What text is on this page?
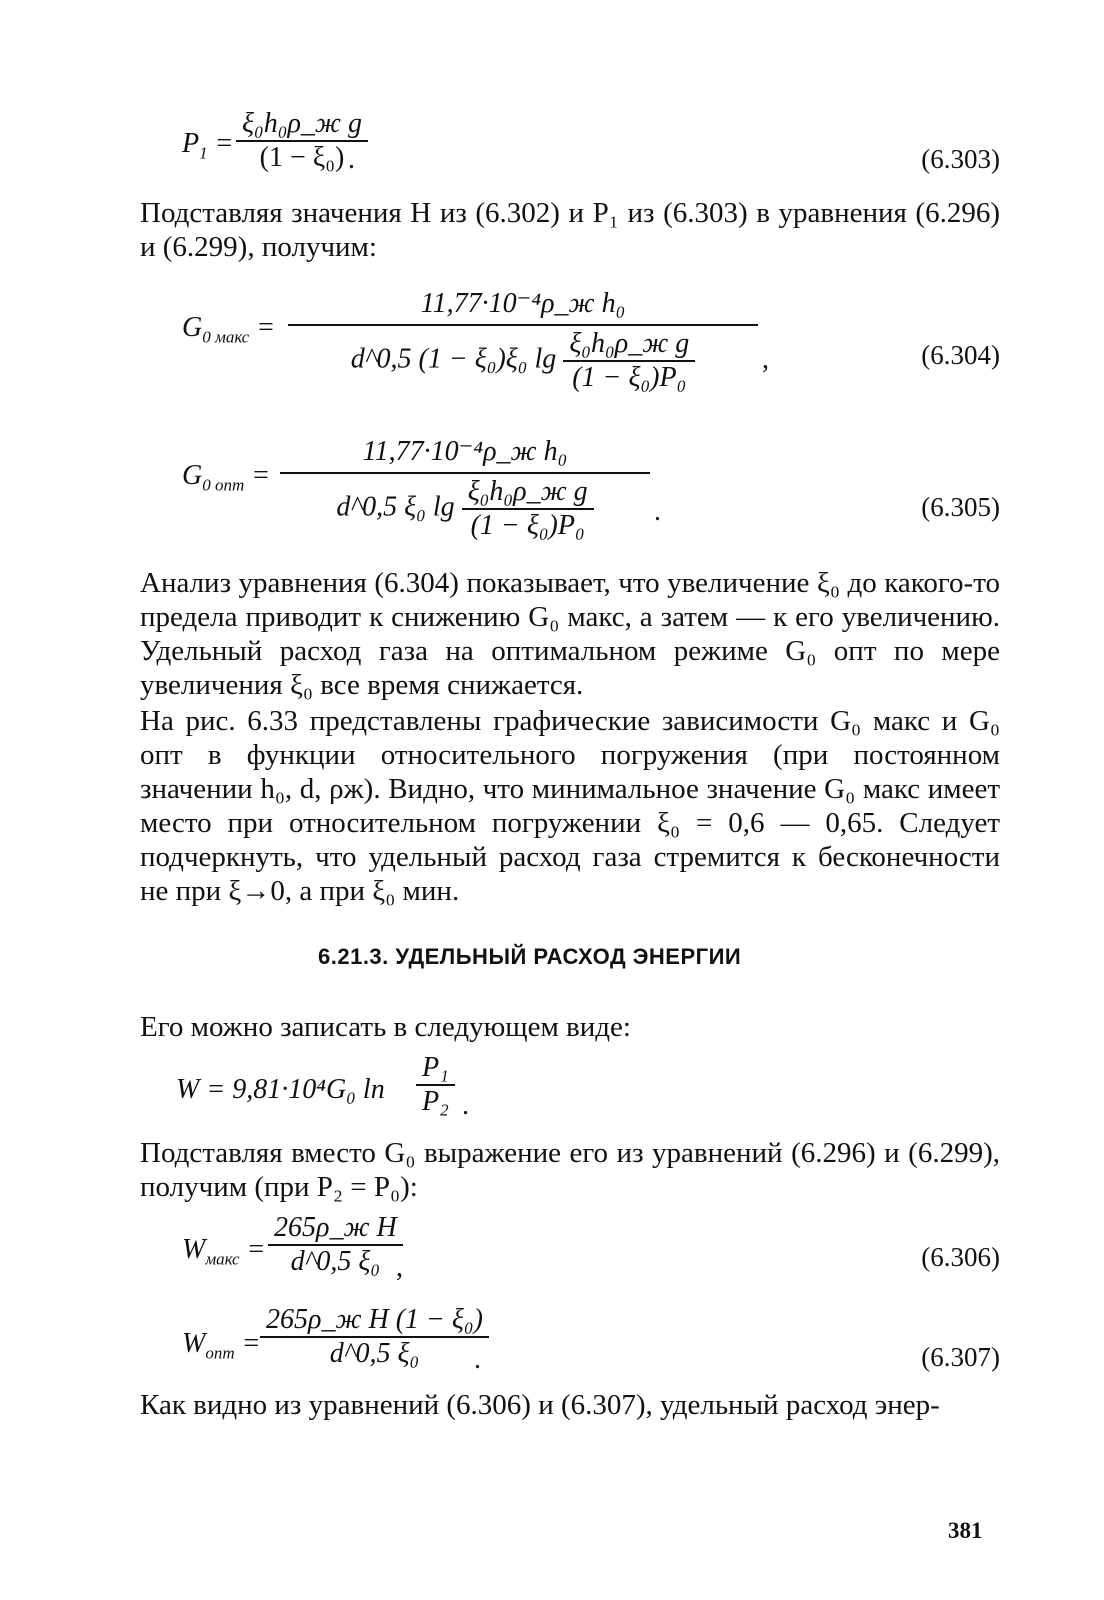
$P_1$ =
ξ₀h₀ρ_ж g
(1 − ξ₀) .	(6.303)
Подставляя значения H из (6.302) и P₁ из (6.303) в уравнения (6.296) и (6.299), получим:
$G_{0 макс}$ =
11,77·10⁻⁴ρ_ж h₀
d^0,5 (1 − ξ₀)ξ₀ $\lg \frac{\text{ξ₀h₀ρ\_ж g}}{\text{(1 − ξ₀)P₀}}$ ,	(6.304)
$G_{0 опт}$ =
11,77·10⁻⁴ρ_ж h₀
d^0,5 ξ₀ $\lg \frac{\text{ξ₀h₀ρ\_ж g}}{\text{(1 − ξ₀)P₀}}$ .	(6.305)
Анализ уравнения (6.304) показывает, что увеличение ξ₀ до какого-то предела приводит к снижению G₀ макс, а затем — к его увеличению. Удельный расход газа на оптимальном режиме G₀ опт по мере увеличения ξ₀ все время снижается.
На рис. 6.33 представлены графические зависимости G₀ макс и G₀ опт в функции относительного погружения (при постоянном значении h₀, d, ρж). Видно, что минимальное значение G₀ макс имеет место при относительном погружении ξ₀ = 0,6 — 0,65. Следует подчеркнуть, что удельный расход газа стремится к бесконечности не при ξ→0, а при ξ₀ мин.
6.21.3. УДЕЛЬНЫЙ РАСХОД ЭНЕРГИИ
Его можно записать в следующем виде:
W = 9,81·10⁴G₀ $\ln \frac{\text{P₁}}{\text{P₂}}$ .
Подставляя вместо G₀ выражение его из уравнений (6.296) и (6.299), получим (при P₂ = P₀):
$W_{макс}$ =
265ρ_ж H
d^0,5 ξ₀ ,	(6.306)
$W_{опт}$ =
265ρ_ж H (1 − ξ₀)
d^0,5 ξ₀	.	(6.307)
Как видно из уравнений (6.306) и (6.307), удельный расход энер-
381
